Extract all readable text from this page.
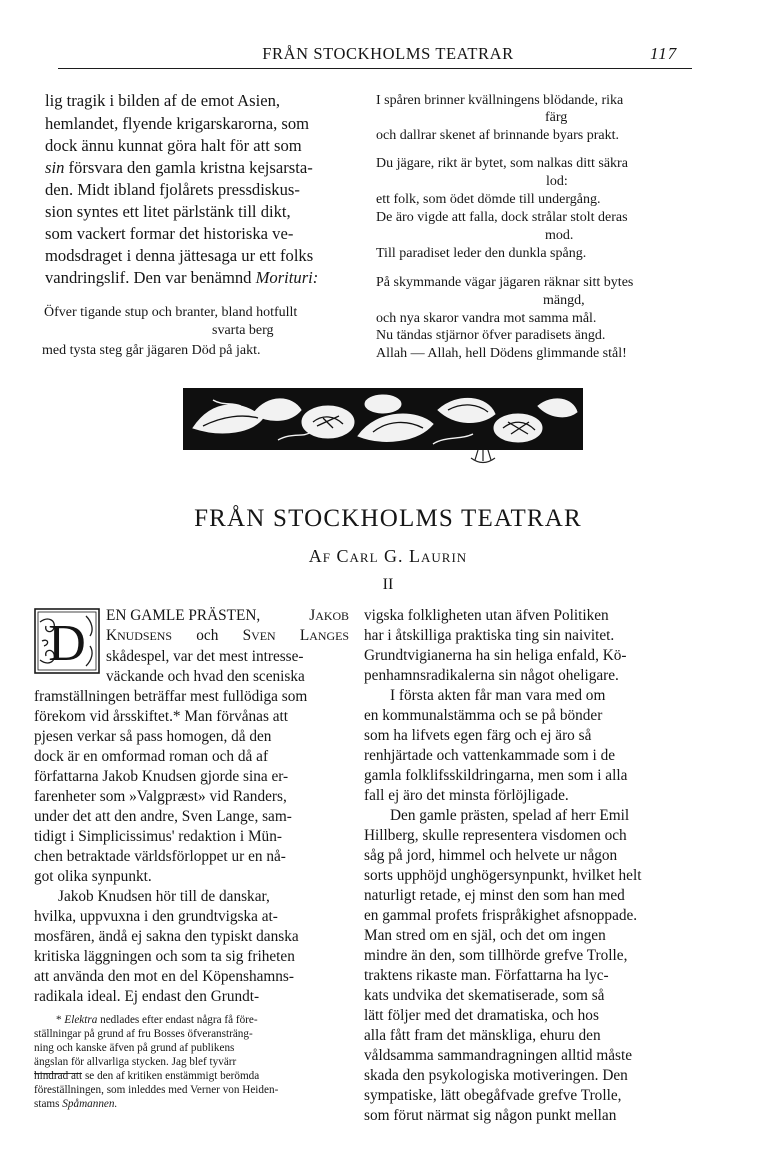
FRÅN STOCKHOLMS TEATRAR	117
lig tragik i bilden af de emot Asien,
hemlandet, flyende krigarskarorna, som
dock ännu kunnat göra halt för att som
sin försvara den gamla kristna kejsarsta-
den. Midt ibland fjolårets pressdiskus-
sion syntes ett litet pärlstänk till dikt,
som vackert formar det historiska ve-
modsdraget i denna jättesaga ur ett folks
vandringslif. Den var benämnd Morituri:
Öfver tigande stup och branter, bland hotfullt
svarta berg
med tysta steg går jägaren Död på jakt.
I spåren brinner kvällningens blödande, rika
färg
och dallrar skenet af brinnande byars prakt.
Du jägare, rikt är bytet, som nalkas ditt säkra
lod:
ett folk, som ödet dömde till undergång.
De äro vigde att falla, dock strålar stolt deras
mod.
Till paradiset leder den dunkla spång.
På skymmande vägar jägaren räknar sitt bytes
mängd,
och nya skaror vandra mot samma mål.
Nu tändas stjärnor öfver paradisets ängd.
Allah — Allah, hell Dödens glimmande stål!
FRÅN STOCKHOLMS TEATRAR
Af Carl G. Laurin
II
D EN GAMLE PRÄSTEN,	JAKOB
KNUDSENS och SVEN LANGES
skådespel, var det mest intresse-
väckande och hvad den sceniska
framställningen beträffar mest fullödiga som
förekom vid årsskiftet.* Man förvånas att
pjesen verkar så pass homogen, då den
dock är en omformad roman och då af
författarna Jakob Knudsen gjorde sina er-
farenheter som »Valgpræst» vid Randers,
under det att den andre, Sven Lange, sam-
tidigt i Simplicissimus' redaktion i Mün-
chen betraktade världsförloppet ur en nå-
got olika synpunkt.
Jakob Knudsen hör till de danskar,
hvilka, uppvuxna i den grundtvigska at-
mosfären, ändå ej sakna den typiskt danska
kritiska läggningen och som ta sig friheten
att använda den mot en del Köpenshamns-
radikala ideal. Ej endast den Grundt-
* Elektra nedlades efter endast några få före-
ställningar på grund af fru Bosses öfveransträng-
ning och kanske äfven på grund af publikens
ängslan för allvarliga stycken. Jag blef tyvärr
hindrad att se den af kritiken enstämmigt berömda
föreställningen, som inleddes med Verner von Heiden-
stams Spåmannen.
vigska folkligheten utan äfven Politiken
har i åtskilliga praktiska ting sin naivitet.
Grundtvigianerna ha sin heliga enfald, Kö-
penhamnsradikalerna sin något oheligare.
I första akten får man vara med om
en kommunalstämma och se på bönder
som ha lifvets egen färg och ej äro så
renhjärtade och vattenkammade som i de
gamla folklifsskildringarna, men som i alla
fall ej äro det minsta förlöjligade.
Den gamle prästen, spelad af herr Emil
Hillberg, skulle representera visdomen och
såg på jord, himmel och helvete ur någon
sorts upphöjd unghögersynpunkt, hvilket helt
naturligt retade, ej minst den som han med
en gammal profets frispråkighet afsnoppade.
Man stred om en själ, och det om ingen
mindre än den, som tillhörde grefve Trolle,
traktens rikaste man. Författarna ha lyc-
kats undvika det skematiserade, som så
lätt följer med det dramatiska, och hos
alla fått fram det mänskliga, ehuru den
våldsamma sammandragningen alltid måste
skada den psykologiska motiveringen. Den
sympatiske, lätt obegåfvade grefve Trolle,
som förut närmat sig någon punkt mellan
